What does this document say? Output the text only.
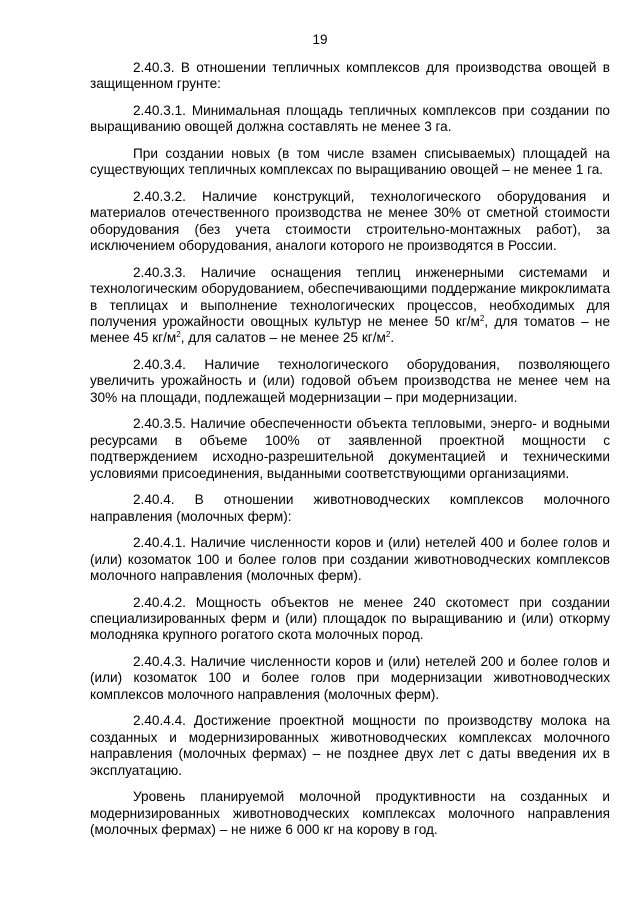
19

2.40.3. В отношении тепличных комплексов для производства овощей в защищенном грунте:

2.40.3.1. Минимальная площадь тепличных комплексов при создании по выращиванию овощей должна составлять не менее 3 га.

При создании новых (в том числе взамен списываемых) площадей на существующих тепличных комплексах по выращиванию овощей – не менее 1 га.

2.40.3.2. Наличие конструкций, технологического оборудования и материалов отечественного производства не менее 30% от сметной стоимости оборудования (без учета стоимости строительно-монтажных работ), за исключением оборудования, аналоги которого не производятся в России.

2.40.3.3. Наличие оснащения теплиц инженерными системами и технологическим оборудованием, обеспечивающими поддержание микроклимата в теплицах и выполнение технологических процессов, необходимых для получения урожайности овощных культур не менее 50 $кг/м^2$, для томатов – не менее 45 $кг/м^2$, для салатов – не менее 25 $кг/м^2$.

2.40.3.4. Наличие технологического оборудования, позволяющего увеличить урожайность и (или) годовой объем производства не менее чем на 30% на площади, подлежащей модернизации – при модернизации.

2.40.3.5. Наличие обеспеченности объекта тепловыми, энерго- и водными ресурсами в объеме 100% от заявленной проектной мощности с подтверждением исходно-разрешительной документацией и техническими условиями присоединения, выданными соответствующими организациями.

2.40.4. В отношении животноводческих комплексов молочного направления (молочных ферм):

2.40.4.1. Наличие численности коров и (или) нетелей 400 и более голов и (или) козоматок 100 и более голов при создании животноводческих комплексов молочного направления (молочных ферм).

2.40.4.2. Мощность объектов не менее 240 скотомест при создании специализированных ферм и (или) площадок по выращиванию и (или) откорму молодняка крупного рогатого скота молочных пород.

2.40.4.3. Наличие численности коров и (или) нетелей 200 и более голов и (или) козоматок 100 и более голов при модернизации животноводческих комплексов молочного направления (молочных ферм).

2.40.4.4. Достижение проектной мощности по производству молока на созданных и модернизированных животноводческих комплексах молочного направления (молочных фермах) – не позднее двух лет с даты введения их в эксплуатацию.

Уровень планируемой молочной продуктивности на созданных и модернизированных животноводческих комплексах молочного направления (молочных фермах) – не ниже 6 000 кг на корову в год.
